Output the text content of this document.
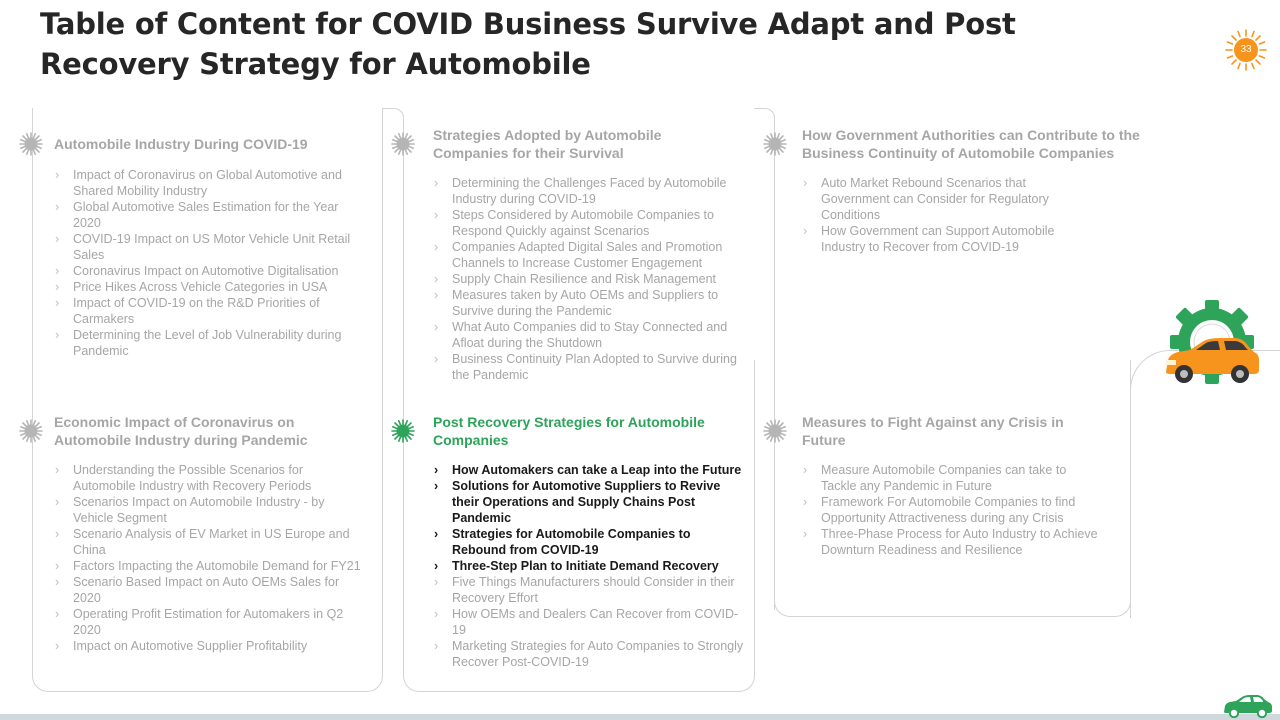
Table of Content for COVID Business Survive Adapt and Post Recovery Strategy for Automobile	33
Automobile Industry During COVID-19
› Impact of Coronavirus on Global Automotive and Shared Mobility Industry
› Global Automotive Sales Estimation for the Year 2020
› COVID-19 Impact on US Motor Vehicle Unit Retail Sales
› Coronavirus Impact on Automotive Digitalisation
› Price Hikes Across Vehicle Categories in USA
› Impact of COVID-19 on the R&D Priorities of Carmakers
› Determining the Level of Job Vulnerability during Pandemic
Strategies Adopted by Automobile Companies for their Survival
› Determining the Challenges Faced by Automobile Industry during COVID-19
› Steps Considered by Automobile Companies to Respond Quickly against Scenarios
› Companies Adapted Digital Sales and Promotion Channels to Increase Customer Engagement
› Supply Chain Resilience and Risk Management
› Measures taken by Auto OEMs and Suppliers to Survive during the Pandemic
› What Auto Companies did to Stay Connected and Afloat during the Shutdown
› Business Continuity Plan Adopted to Survive during the Pandemic
How Government Authorities can Contribute to the Business Continuity of Automobile Companies
› Auto Market Rebound Scenarios that Government can Consider for Regulatory Conditions
› How Government can Support Automobile Industry to Recover from COVID-19
Economic Impact of Coronavirus on Automobile Industry during Pandemic
› Understanding the Possible Scenarios for Automobile Industry with Recovery Periods
› Scenarios Impact on Automobile Industry - by Vehicle Segment
› Scenario Analysis of EV Market in US Europe and China
› Factors Impacting the Automobile Demand for FY21
› Scenario Based Impact on Auto OEMs Sales for 2020
› Operating Profit Estimation for Automakers in Q2 2020
› Impact on Automotive Supplier Profitability
Post Recovery Strategies for Automobile Companies
› How Automakers can take a Leap into the Future
› Solutions for Automotive Suppliers to Revive their Operations and Supply Chains Post Pandemic
› Strategies for Automobile Companies to Rebound from COVID-19
› Three-Step Plan to Initiate Demand Recovery
› Five Things Manufacturers should Consider in their Recovery Effort
› How OEMs and Dealers Can Recover from COVID-19
› Marketing Strategies for Auto Companies to Strongly Recover Post-COVID-19
Measures to Fight Against any Crisis in Future
› Measure Automobile Companies can take to Tackle any Pandemic in Future
› Framework For Automobile Companies to find Opportunity Attractiveness during any Crisis
› Three-Phase Process for Auto Industry to Achieve Downturn Readiness and Resilience
